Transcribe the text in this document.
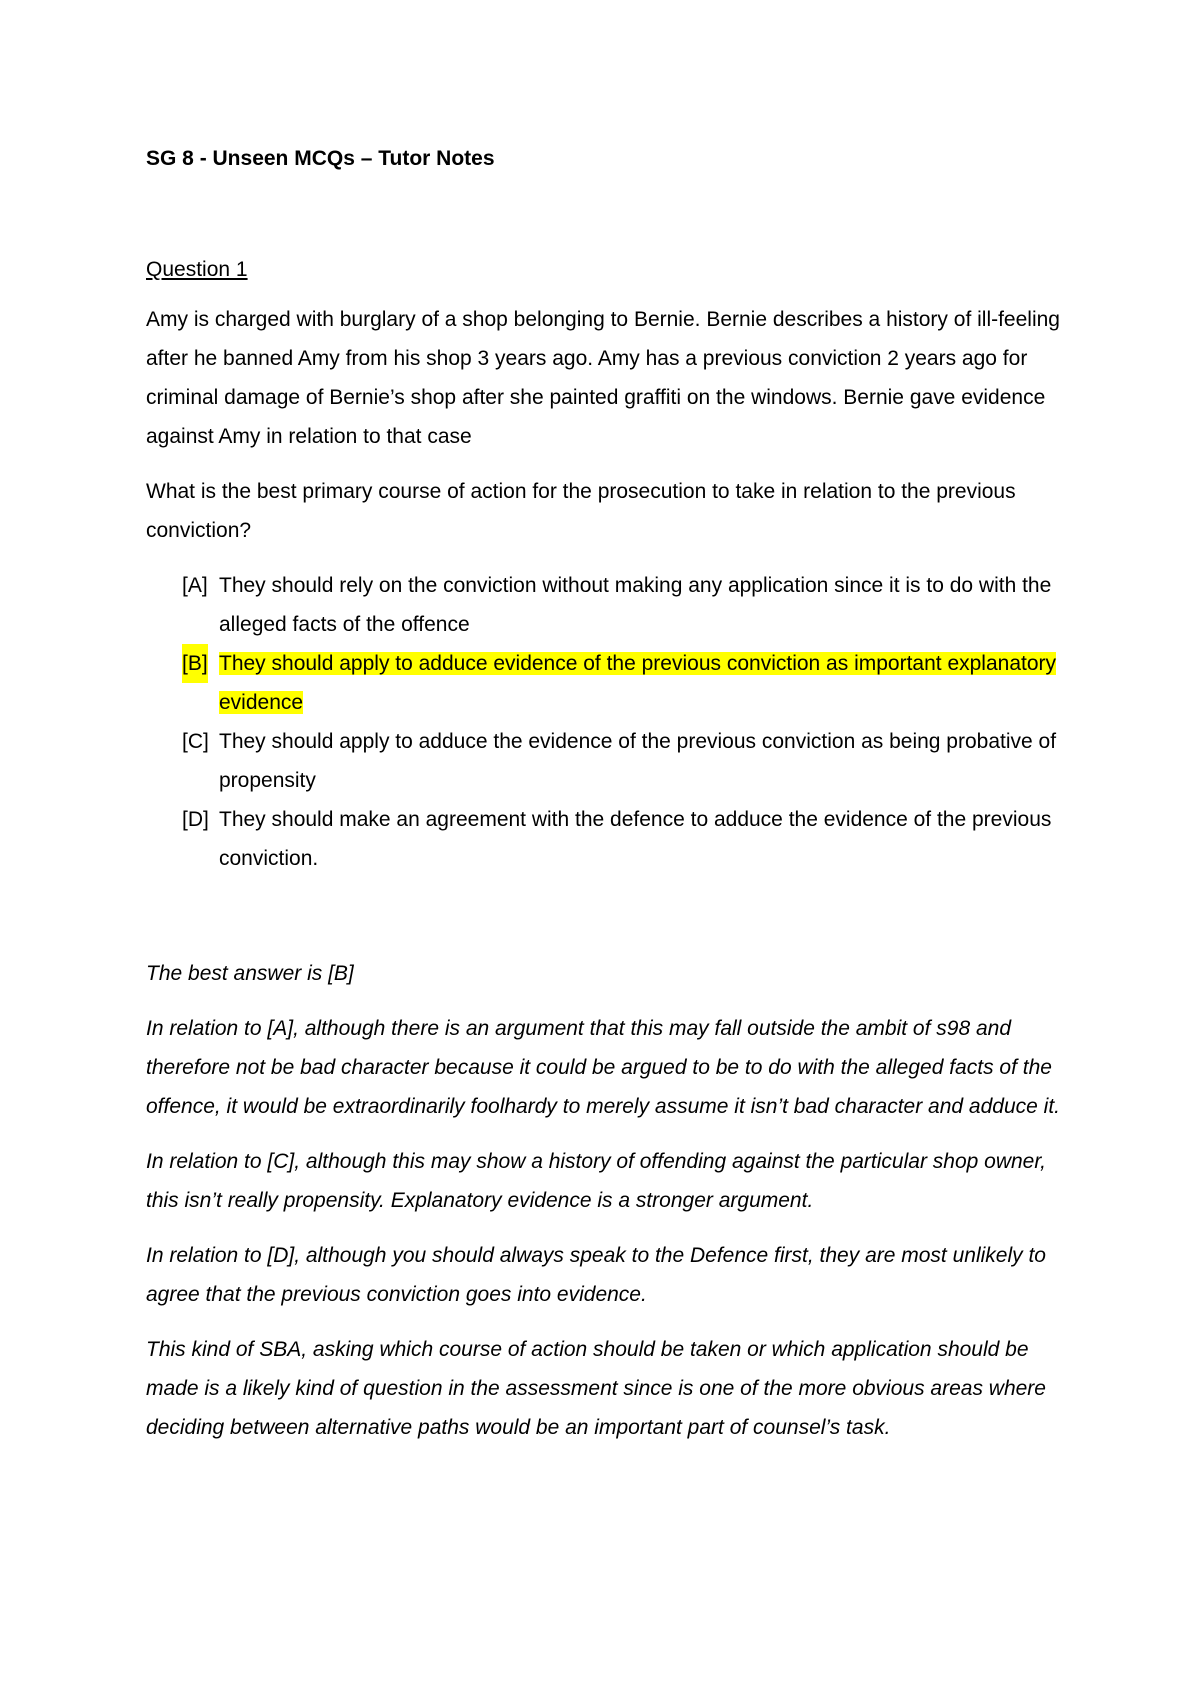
SG 8 - Unseen MCQs – Tutor Notes
Question 1

Amy is charged with burglary of a shop belonging to Bernie. Bernie describes a history of ill-feeling after he banned Amy from his shop 3 years ago. Amy has a previous conviction 2 years ago for criminal damage of Bernie’s shop after she painted graffiti on the windows. Bernie gave evidence against Amy in relation to that case

What is the best primary course of action for the prosecution to take in relation to the previous conviction?

[A] They should rely on the conviction without making any application since it is to do with the alleged facts of the offence
[B] They should apply to adduce evidence of the previous conviction as important explanatory evidence
[C] They should apply to adduce the evidence of the previous conviction as being probative of propensity
[D] They should make an agreement with the defence to adduce the evidence of the previous conviction.

The best answer is [B]

In relation to [A], although there is an argument that this may fall outside the ambit of s98 and therefore not be bad character because it could be argued to be to do with the alleged facts of the offence, it would be extraordinarily foolhardy to merely assume it isn’t bad character and adduce it.

In relation to [C], although this may show a history of offending against the particular shop owner, this isn’t really propensity. Explanatory evidence is a stronger argument.

In relation to [D], although you should always speak to the Defence first, they are most unlikely to agree that the previous conviction goes into evidence.

This kind of SBA, asking which course of action should be taken or which application should be made is a likely kind of question in the assessment since is one of the more obvious areas where deciding between alternative paths would be an important part of counsel’s task.
